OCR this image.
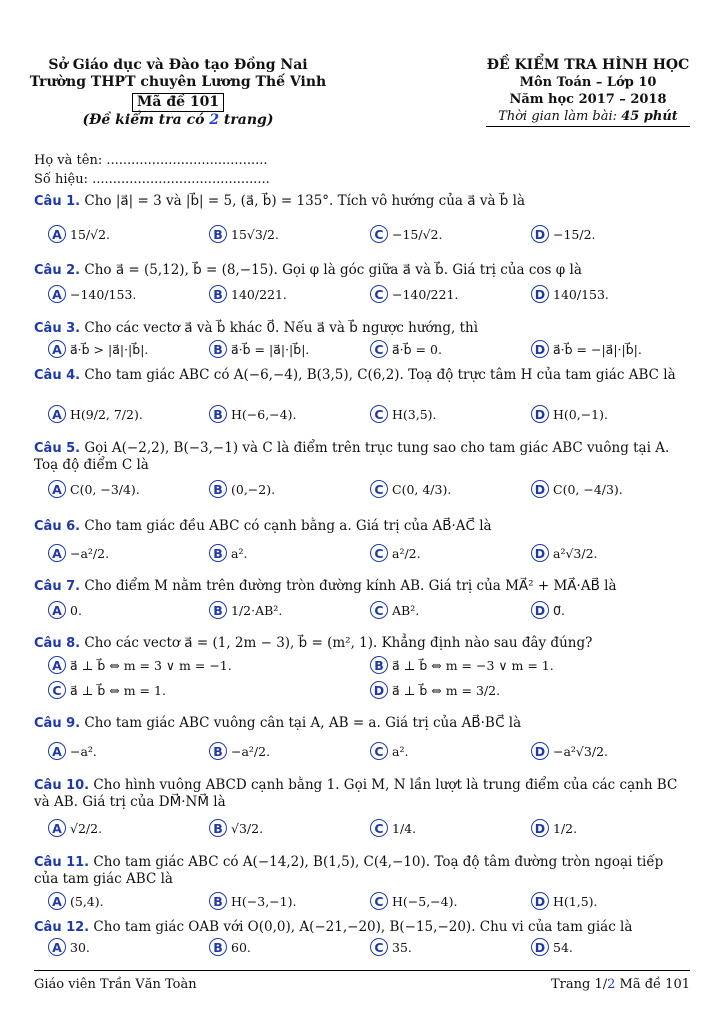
Sở Giáo dục và Đào tạo Đồng Nai
Trường THPT chuyên Lương Thế Vinh
Mã đề 101
(Đề kiểm tra có 2 trang)
ĐỀ KIỂM TRA HÌNH HỌC
Môn Toán – Lớp 10
Năm học 2017 – 2018
Thời gian làm bài: 45 phút
Họ và tên: .......................................
Số hiệu: ...........................................
Câu 1. Cho |a⃗| = 3 và |b⃗| = 5, (a⃗, b⃗) = 135°. Tích vô hướng của a⃗ và b⃗ là
A 15/√2.	B 15√3/2.	C −15/√2.	D −15/2.
Câu 2. Cho a⃗ = (5,12), b⃗ = (8,−15). Gọi φ là góc giữa a⃗ và b⃗. Giá trị của cos φ là
A −140/153.	B 140/221.	C −140/221.	D 140/153.
Câu 3. Cho các vectơ a⃗ và b⃗ khác 0⃗. Nếu a⃗ và b⃗ ngược hướng, thì
A a⃗·b⃗ > |a⃗|·|b⃗|.	B a⃗·b⃗ = |a⃗|·|b⃗|.	C a⃗·b⃗ = 0.	D a⃗·b⃗ = −|a⃗|·|b⃗|.
Câu 4. Cho tam giác ABC có A(−6,−4), B(3,5), C(6,2). Toạ độ trực tâm H của tam giác ABC là
A H(9/2, 7/2).	B H(−6,−4).	C H(3,5).	D H(0,−1).
Câu 5. Gọi A(−2,2), B(−3,−1) và C là điểm trên trục tung sao cho tam giác ABC vuông tại A. Toạ độ điểm C là
A C(0, −3/4).	B (0,−2).	C C(0, 4/3).	D C(0, −4/3).
Câu 6. Cho tam giác đều ABC có cạnh bằng a. Giá trị của AB⃗·AC⃗ là
A −a²/2.	B a².	C a²/2.	D a²√3/2.
Câu 7. Cho điểm M nằm trên đường tròn đường kính AB. Giá trị của MA⃗² + MA⃗·AB⃗ là
A 0.	B 1/2·AB².	C AB².	D 0⃗.
Câu 8. Cho các vectơ a⃗ = (1, 2m − 3), b⃗ = (m², 1). Khẳng định nào sau đây đúng?
A a⃗ ⊥ b⃗ ⇔ m = 3 ∨ m = −1.	B a⃗ ⊥ b⃗ ⇔ m = −3 ∨ m = 1.
C a⃗ ⊥ b⃗ ⇔ m = 1.	D a⃗ ⊥ b⃗ ⇔ m = 3/2.
Câu 9. Cho tam giác ABC vuông cân tại A, AB = a. Giá trị của AB⃗·BC⃗ là
A −a².	B −a²/2.	C a².	D −a²√3/2.
Câu 10. Cho hình vuông ABCD cạnh bằng 1. Gọi M, N lần lượt là trung điểm của các cạnh BC và AB. Giá trị của DM⃗·NM⃗ là
A √2/2.	B √3/2.	C 1/4.	D 1/2.
Câu 11. Cho tam giác ABC có A(−14,2), B(1,5), C(4,−10). Toạ độ tâm đường tròn ngoại tiếp của tam giác ABC là
A (5,4).	B H(−3,−1).	C H(−5,−4).	D H(1,5).
Câu 12. Cho tam giác OAB với O(0,0), A(−21,−20), B(−15,−20). Chu vi của tam giác là
A 30.	B 60.	C 35.	D 54.
Giáo viên Trần Văn Toàn	Trang 1/2 Mã đề 101
